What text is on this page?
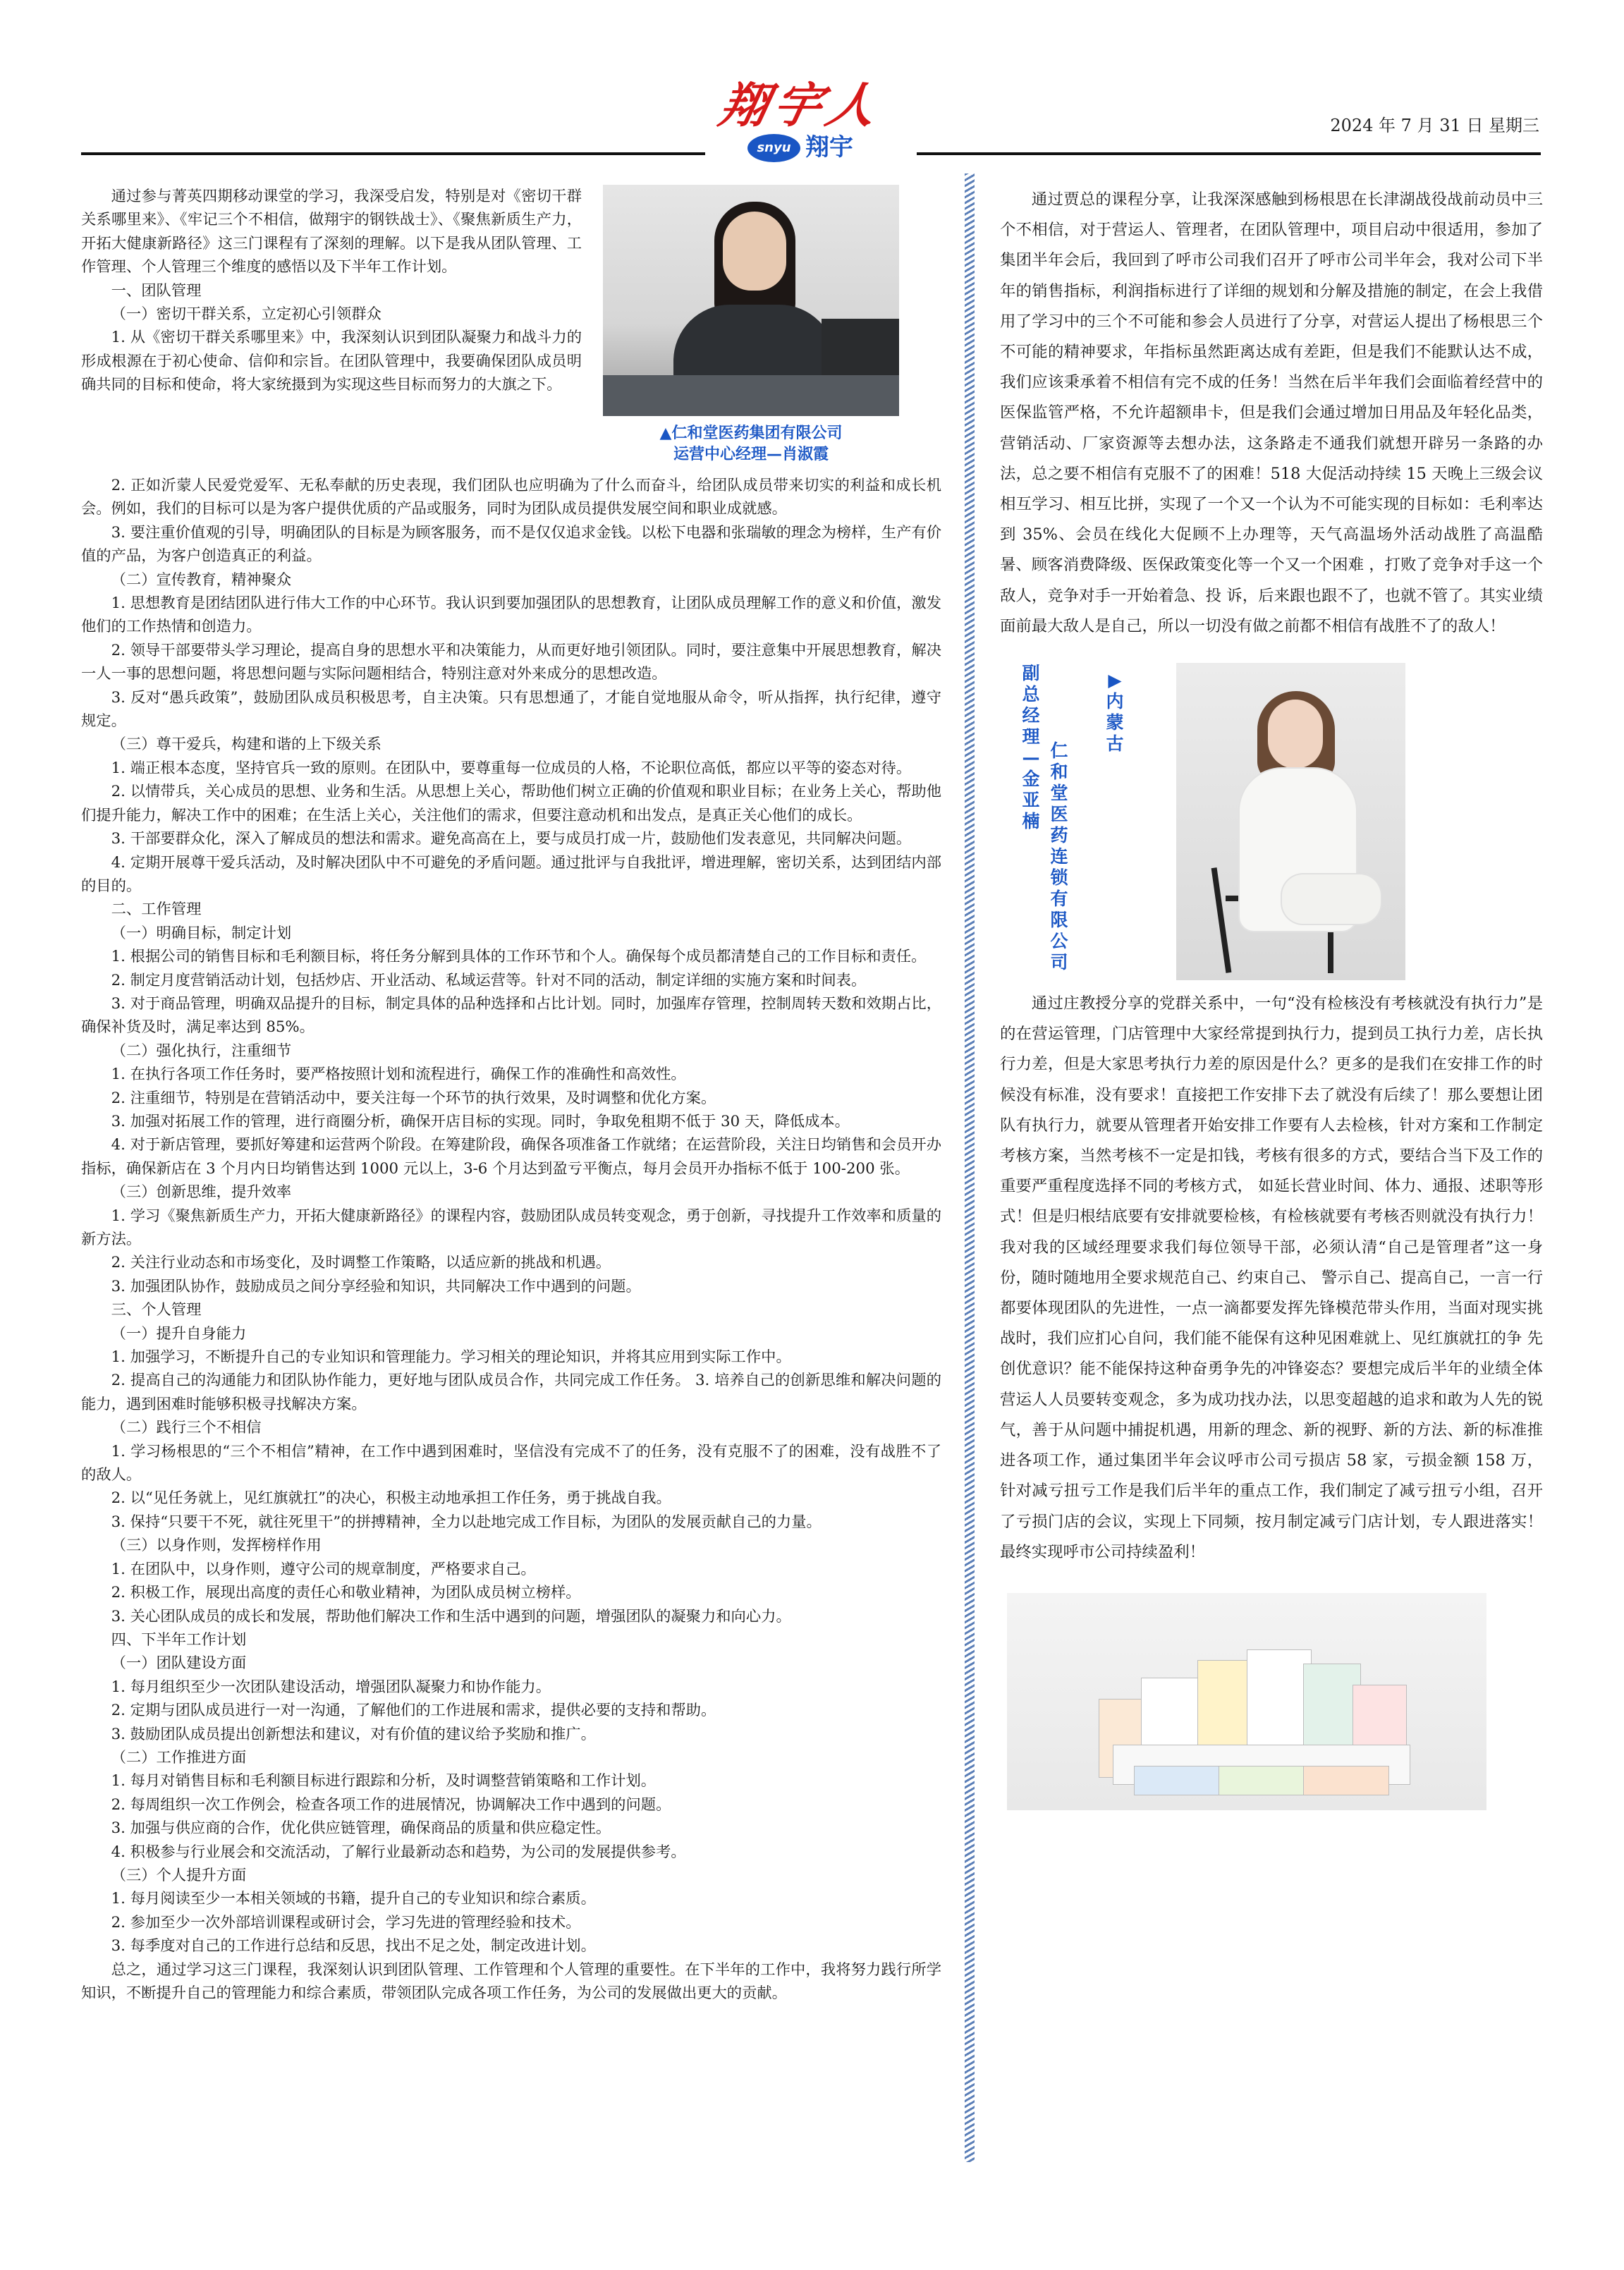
翔宇人
snyu 翔宇
2024 年 7 月 31 日 星期三

通过参与菁英四期移动课堂的学习，我深受启发，特别是对《密切干群关系哪里来》、《牢记三个不相信，做翔宇的钢铁战士》、《聚焦新质生产力，开拓大健康新路径》这三门课程有了深刻的理解。以下是我从团队管理、工作管理、个人管理三个维度的感悟以及下半年工作计划。

一、团队管理

（一）密切干群关系，立定初心引领群众

1. 从《密切干群关系哪里来》中，我深刻认识到团队凝聚力和战斗力的形成根源在于初心使命、信仰和宗旨。在团队管理中，我要确保团队成员明确共同的目标和使命，将大家统摄到为实现这些目标而努力的大旗之下。

▲仁和堂医药集团有限公司
运营中心经理—肖淑霞

2. 正如沂蒙人民爱党爱军、无私奉献的历史表现，我们团队也应明确为了什么而奋斗，给团队成员带来切实的利益和成长机会。例如，我们的目标可以是为客户提供优质的产品或服务，同时为团队成员提供发展空间和职业成就感。

3. 要注重价值观的引导，明确团队的目标是为顾客服务，而不是仅仅追求金钱。以松下电器和张瑞敏的理念为榜样，生产有价值的产品，为客户创造真正的利益。

（二）宣传教育，精神聚众

1. 思想教育是团结团队进行伟大工作的中心环节。我认识到要加强团队的思想教育，让团队成员理解工作的意义和价值，激发他们的工作热情和创造力。

2. 领导干部要带头学习理论，提高自身的思想水平和决策能力，从而更好地引领团队。同时，要注意集中开展思想教育，解决一人一事的思想问题，将思想问题与实际问题相结合，特别注意对外来成分的思想改造。

3. 反对“愚兵政策”，鼓励团队成员积极思考，自主决策。只有思想通了，才能自觉地服从命令，听从指挥，执行纪律，遵守规定。

（三）尊干爱兵，构建和谐的上下级关系

1. 端正根本态度，坚持官兵一致的原则。在团队中，要尊重每一位成员的人格，不论职位高低，都应以平等的姿态对待。

2. 以情带兵，关心成员的思想、业务和生活。从思想上关心，帮助他们树立正确的价值观和职业目标；在业务上关心，帮助他们提升能力，解决工作中的困难；在生活上关心，关注他们的需求，但要注意动机和出发点，是真正关心他们的成长。

3. 干部要群众化，深入了解成员的想法和需求。避免高高在上，要与成员打成一片，鼓励他们发表意见，共同解决问题。

4. 定期开展尊干爱兵活动，及时解决团队中不可避免的矛盾问题。通过批评与自我批评，增进理解，密切关系，达到团结内部的目的。

二、工作管理

（一）明确目标，制定计划

1. 根据公司的销售目标和毛利额目标，将任务分解到具体的工作环节和个人。确保每个成员都清楚自己的工作目标和责任。

2. 制定月度营销活动计划，包括炒店、开业活动、私域运营等。针对不同的活动，制定详细的实施方案和时间表。

3. 对于商品管理，明确双品提升的目标，制定具体的品种选择和占比计划。同时，加强库存管理，控制周转天数和效期占比，确保补货及时，满足率达到 85%。

（二）强化执行，注重细节

1. 在执行各项工作任务时，要严格按照计划和流程进行，确保工作的准确性和高效性。

2. 注重细节，特别是在营销活动中，要关注每一个环节的执行效果，及时调整和优化方案。

3. 加强对拓展工作的管理，进行商圈分析，确保开店目标的实现。同时，争取免租期不低于 30 天，降低成本。

4. 对于新店管理，要抓好筹建和运营两个阶段。在筹建阶段，确保各项准备工作就绪；在运营阶段，关注日均销售和会员开办指标，确保新店在 3 个月内日均销售达到 1000 元以上，3-6 个月达到盈亏平衡点，每月会员开办指标不低于 100-200 张。

（三）创新思维，提升效率

1. 学习《聚焦新质生产力，开拓大健康新路径》的课程内容，鼓励团队成员转变观念，勇于创新，寻找提升工作效率和质量的新方法。

2. 关注行业动态和市场变化，及时调整工作策略，以适应新的挑战和机遇。

3. 加强团队协作，鼓励成员之间分享经验和知识，共同解决工作中遇到的问题。

三、个人管理

（一）提升自身能力

1. 加强学习，不断提升自己的专业知识和管理能力。学习相关的理论知识，并将其应用到实际工作中。

2. 提高自己的沟通能力和团队协作能力，更好地与团队成员合作，共同完成工作任务。 3. 培养自己的创新思维和解决问题的能力，遇到困难时能够积极寻找解决方案。

（二）践行三个不相信

1. 学习杨根思的“三个不相信”精神，在工作中遇到困难时，坚信没有完成不了的任务，没有克服不了的困难，没有战胜不了的敌人。

2. 以“见任务就上，见红旗就扛”的决心，积极主动地承担工作任务，勇于挑战自我。

3. 保持“只要干不死，就往死里干”的拼搏精神，全力以赴地完成工作目标，为团队的发展贡献自己的力量。

（三）以身作则，发挥榜样作用

1. 在团队中，以身作则，遵守公司的规章制度，严格要求自己。

2. 积极工作，展现出高度的责任心和敬业精神，为团队成员树立榜样。

3. 关心团队成员的成长和发展，帮助他们解决工作和生活中遇到的问题，增强团队的凝聚力和向心力。

四、下半年工作计划

（一）团队建设方面

1. 每月组织至少一次团队建设活动，增强团队凝聚力和协作能力。

2. 定期与团队成员进行一对一沟通，了解他们的工作进展和需求，提供必要的支持和帮助。

3. 鼓励团队成员提出创新想法和建议，对有价值的建议给予奖励和推广。

（二）工作推进方面

1. 每月对销售目标和毛利额目标进行跟踪和分析，及时调整营销策略和工作计划。

2. 每周组织一次工作例会，检查各项工作的进展情况，协调解决工作中遇到的问题。

3. 加强与供应商的合作，优化供应链管理，确保商品的质量和供应稳定性。

4. 积极参与行业展会和交流活动，了解行业最新动态和趋势，为公司的发展提供参考。

（三）个人提升方面

1. 每月阅读至少一本相关领域的书籍，提升自己的专业知识和综合素质。

2. 参加至少一次外部培训课程或研讨会，学习先进的管理经验和技术。

3. 每季度对自己的工作进行总结和反思，找出不足之处，制定改进计划。

总之，通过学习这三门课程，我深刻认识到团队管理、工作管理和个人管理的重要性。在下半年的工作中，我将努力践行所学知识，不断提升自己的管理能力和综合素质，带领团队完成各项工作任务，为公司的发展做出更大的贡献。

通过贾总的课程分享，让我深深感触到杨根思在长津湖战役战前动员中三个不相信，对于营运人、管理者，在团队管理中，项目启动中很适用，参加了集团半年会后，我回到了呼市公司我们召开了呼市公司半年会，我对公司下半年的销售指标，利润指标进行了详细的规划和分解及措施的制定，在会上我借用了学习中的三个不可能和参会人员进行了分享，对营运人提出了杨根思三个不可能的精神要求，年指标虽然距离达成有差距，但是我们不能默认达不成，我们应该秉承着不相信有完不成的任务！当然在后半年我们会面临着经营中的医保监管严格，不允许超额串卡，但是我们会通过增加日用品及年轻化品类，营销活动、厂家资源等去想办法，这条路走不通我们就想开辟另一条路的办法，总之要不相信有克服不了的困难！518 大促活动持续 15 天晚上三级会议相互学习、相互比拼，实现了一个又一个认为不可能实现的目标如：毛利率达到 35%、会员在线化大促顾不上办理等，天气高温场外活动战胜了高温酷暑、顾客消费降级、医保政策变化等一个又一个困难 ，打败了竞争对手这一个敌人，竞争对手一开始着急、投 诉，后来跟也跟不了，也就不管了。其实业绩面前最大敌人是自己，所以一切没有做之前都不相信有战胜不了的敌人！

▶内蒙古
仁和堂医药连锁有限公司
副总经理—金亚楠

通过庄教授分享的党群关系中，一句“没有检核没有考核就没有执行力”是的在营运管理，门店管理中大家经常提到执行力，提到员工执行力差，店长执行力差，但是大家思考执行力差的原因是什么？更多的是我们在安排工作的时候没有标准，没有要求！直接把工作安排下去了就没有后续了！那么要想让团队有执行力，就要从管理者开始安排工作要有人去检核，针对方案和工作制定考核方案，当然考核不一定是扣钱，考核有很多的方式，要结合当下及工作的重要严重程度选择不同的考核方式， 如延长营业时间、体力、通报、述职等形式！但是归根结底要有安排就要检核，有检核就要有考核否则就没有执行力！我对我的区域经理要求我们每位领导干部，必须认清“自己是管理者”这一身份，随时随地用全要求规范自己、约束自己、 警示自己、提高自己，一言一行都要体现团队的先进性，一点一滴都要发挥先锋模范带头作用，当面对现实挑战时，我们应扪心自问，我们能不能保有这种见困难就上、见红旗就扛的争 先创优意识？能不能保持这种奋勇争先的冲锋姿态？要想完成后半年的业绩全体营运人人员要转变观念，多为成功找办法，以思变超越的追求和敢为人先的锐气，善于从问题中捕捉机遇，用新的理念、新的视野、新的方法、新的标准推进各项工作，通过集团半年会议呼市公司亏损店 58 家，亏损金额 158 万，针对减亏扭亏工作是我们后半年的重点工作，我们制定了减亏扭亏小组，召开了亏损门店的会议，实现上下同频，按月制定减亏门店计划，专人跟进落实！最终实现呼市公司持续盈利！
